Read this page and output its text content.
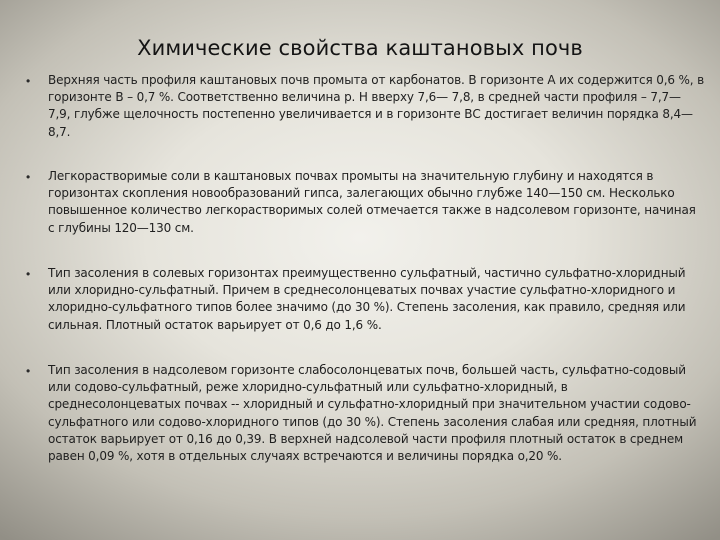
Химические свойства каштановых почв
• Верхняя часть профиля каштановых почв промыта от карбонатов. В горизонте А их содержится 0,6 %, в горизонте В – 0,7 %. Соответственно величина р. Н вверху 7,6— 7,8, в средней части профиля – 7,7— 7,9, глубже щелочность постепенно увеличивается и в горизонте ВС достигает величин порядка 8,4— 8,7.

• Легкорастворимые соли в каштановых почвах промыты на значительную глубину и находятся в горизонтах скопления новообразований гипса, залегающих обычно глубже 140—150 см. Несколько повышенное количество легкорастворимых солей отмечается также в надсолевом горизонте, начиная с глубины 120—130 см.

• Тип засоления в солевых горизонтах преимущественно сульфатный, частично сульфатно-хлоридный или хлоридно-сульфатный. Причем в среднесолонцеватых почвах участие сульфатно-хлоридного и хлоридно-сульфатного типов более значимо (до 30 %). Степень засоления, как правило, средняя или сильная. Плотный остаток варьирует от 0,6 до 1,6 %.

• Тип засоления в надсолевом горизонте слабосолонцеватых почв, большей часть, сульфатно-содовый или содово-сульфатный, реже хлоридно-сульфатный или сульфатно-хлоридный, в среднесолонцеватых почвах -- хлоридный и сульфатно-хлоридный при значительном участии содово-сульфатного или содово-хлоридного типов (до 30 %). Степень засоления слабая или средняя, плотный остаток варьирует от 0,16 до 0,39. В верхней надсолевой части профиля плотный остаток в среднем равен 0,09 %, хотя в отдельных случаях встречаются и величины порядка о,20 %.
